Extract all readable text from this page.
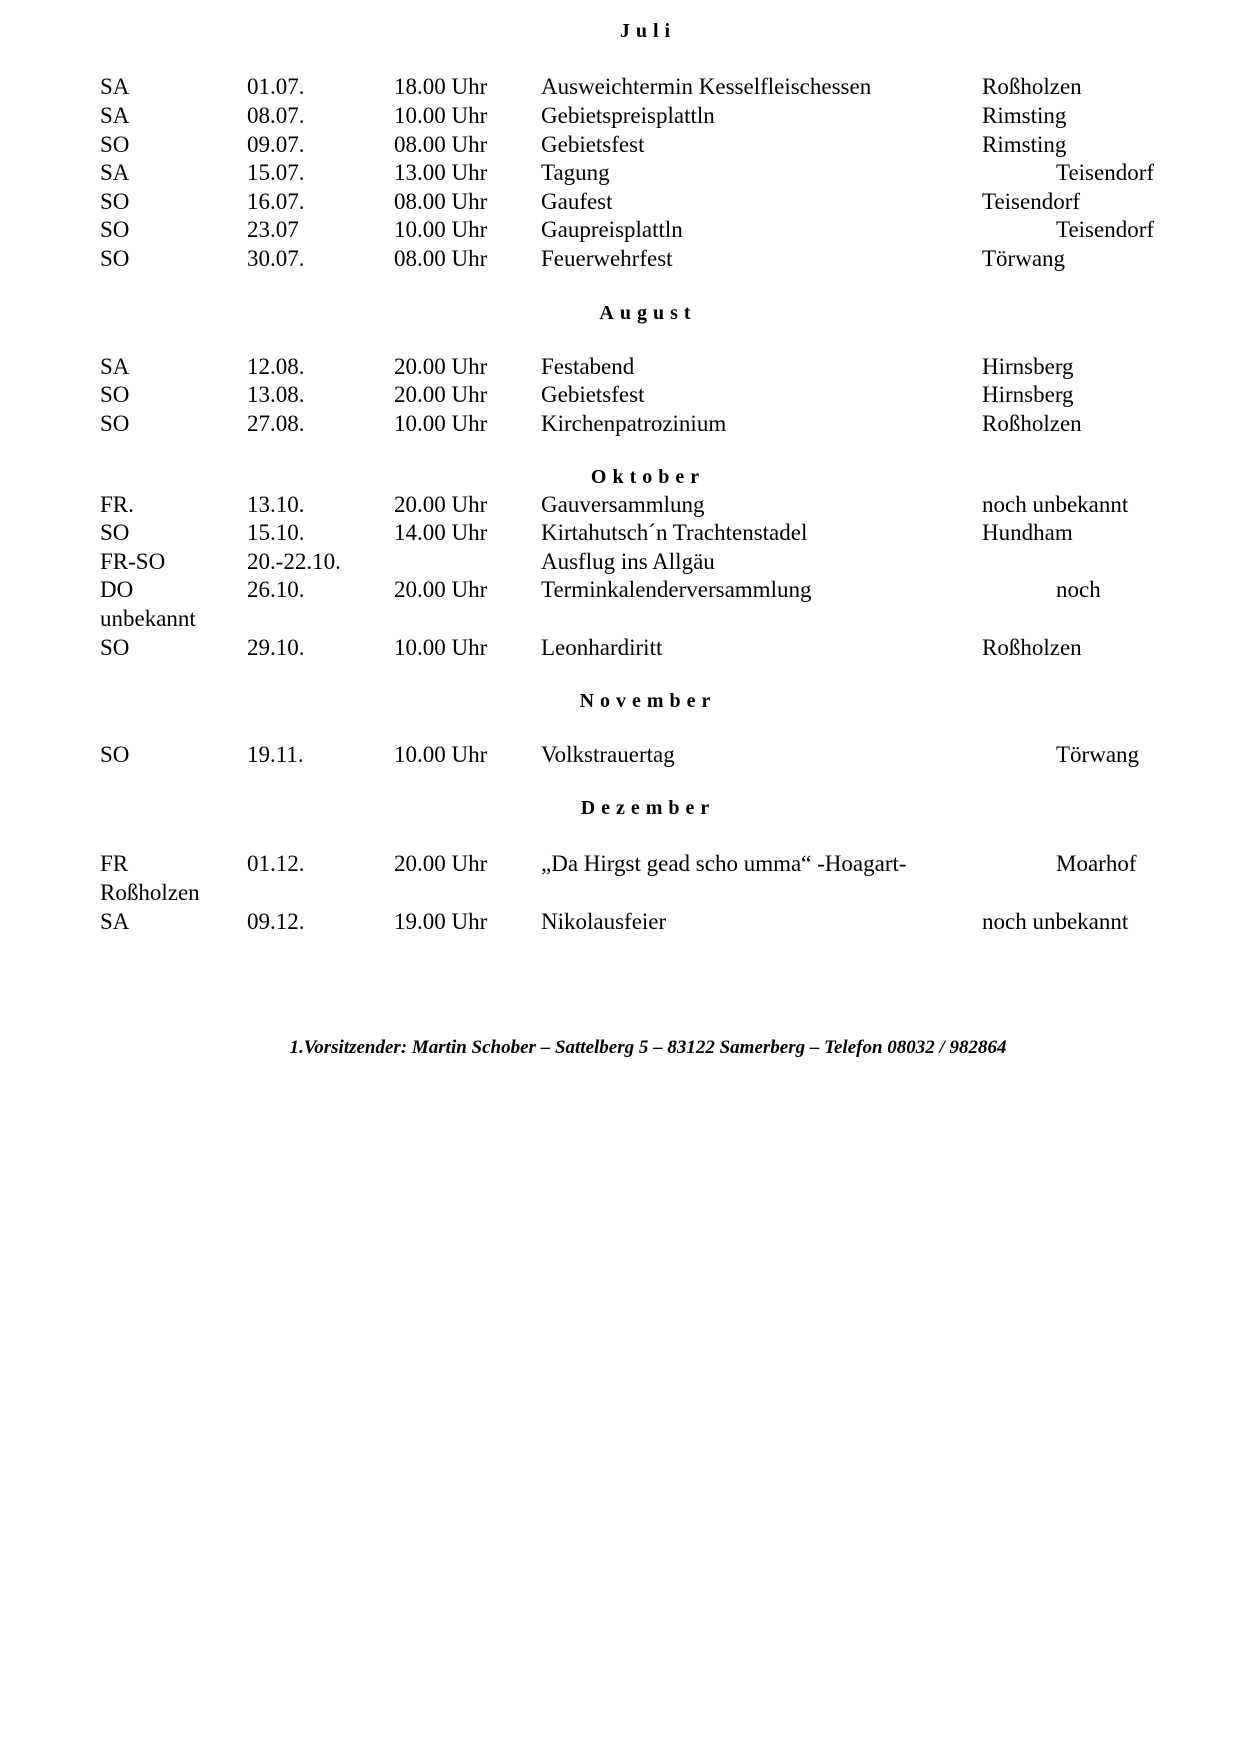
Juli
SA	01.07.	18.00 Uhr Ausweichtermin Kesselfleischessen	Roßholzen
SA	08.07.	10.00 Uhr Gebietspreisplattln	Rimsting
SO	09.07.	08.00 Uhr Gebietsfest	Rimsting
SA	15.07.	13.00 Uhr Tagung	Teisendorf
SO	16.07.	08.00 Uhr Gaufest	Teisendorf
SO	23.07	10.00 Uhr Gaupreisplattln	Teisendorf
SO	30.07.	08.00 Uhr Feuerwehrfest	Törwang
August
SA	12.08.	20.00 Uhr Festabend	Hirnsberg
SO	13.08.	20.00 Uhr Gebietsfest	Hirnsberg
SO	27.08.	10.00 Uhr Kirchenpatrozinium	Roßholzen
Oktober
FR.	13.10.	20.00 Uhr Gauversammlung	noch unbekannt
SO	15.10.	14.00 Uhr Kirtahutsch´n Trachtenstadel	Hundham
FR-SO	20.-22.10.	Ausflug ins Allgäu
DO	26.10.	20.00 Uhr Terminkalenderversammlung	noch
unbekannt
SO	29.10.	10.00 Uhr Leonhardiritt	Roßholzen
November
SO	19.11.	10.00 Uhr Volkstrauertag	Törwang
Dezember
FR	01.12.	20.00 Uhr „Da Hirgst gead scho umma“ -Hoagart-	Moarhof
Roßholzen
SA	09.12.	19.00 Uhr Nikolausfeier	noch unbekannt
1.Vorsitzender: Martin Schober – Sattelberg 5 – 83122 Samerberg – Telefon 08032 / 982864
